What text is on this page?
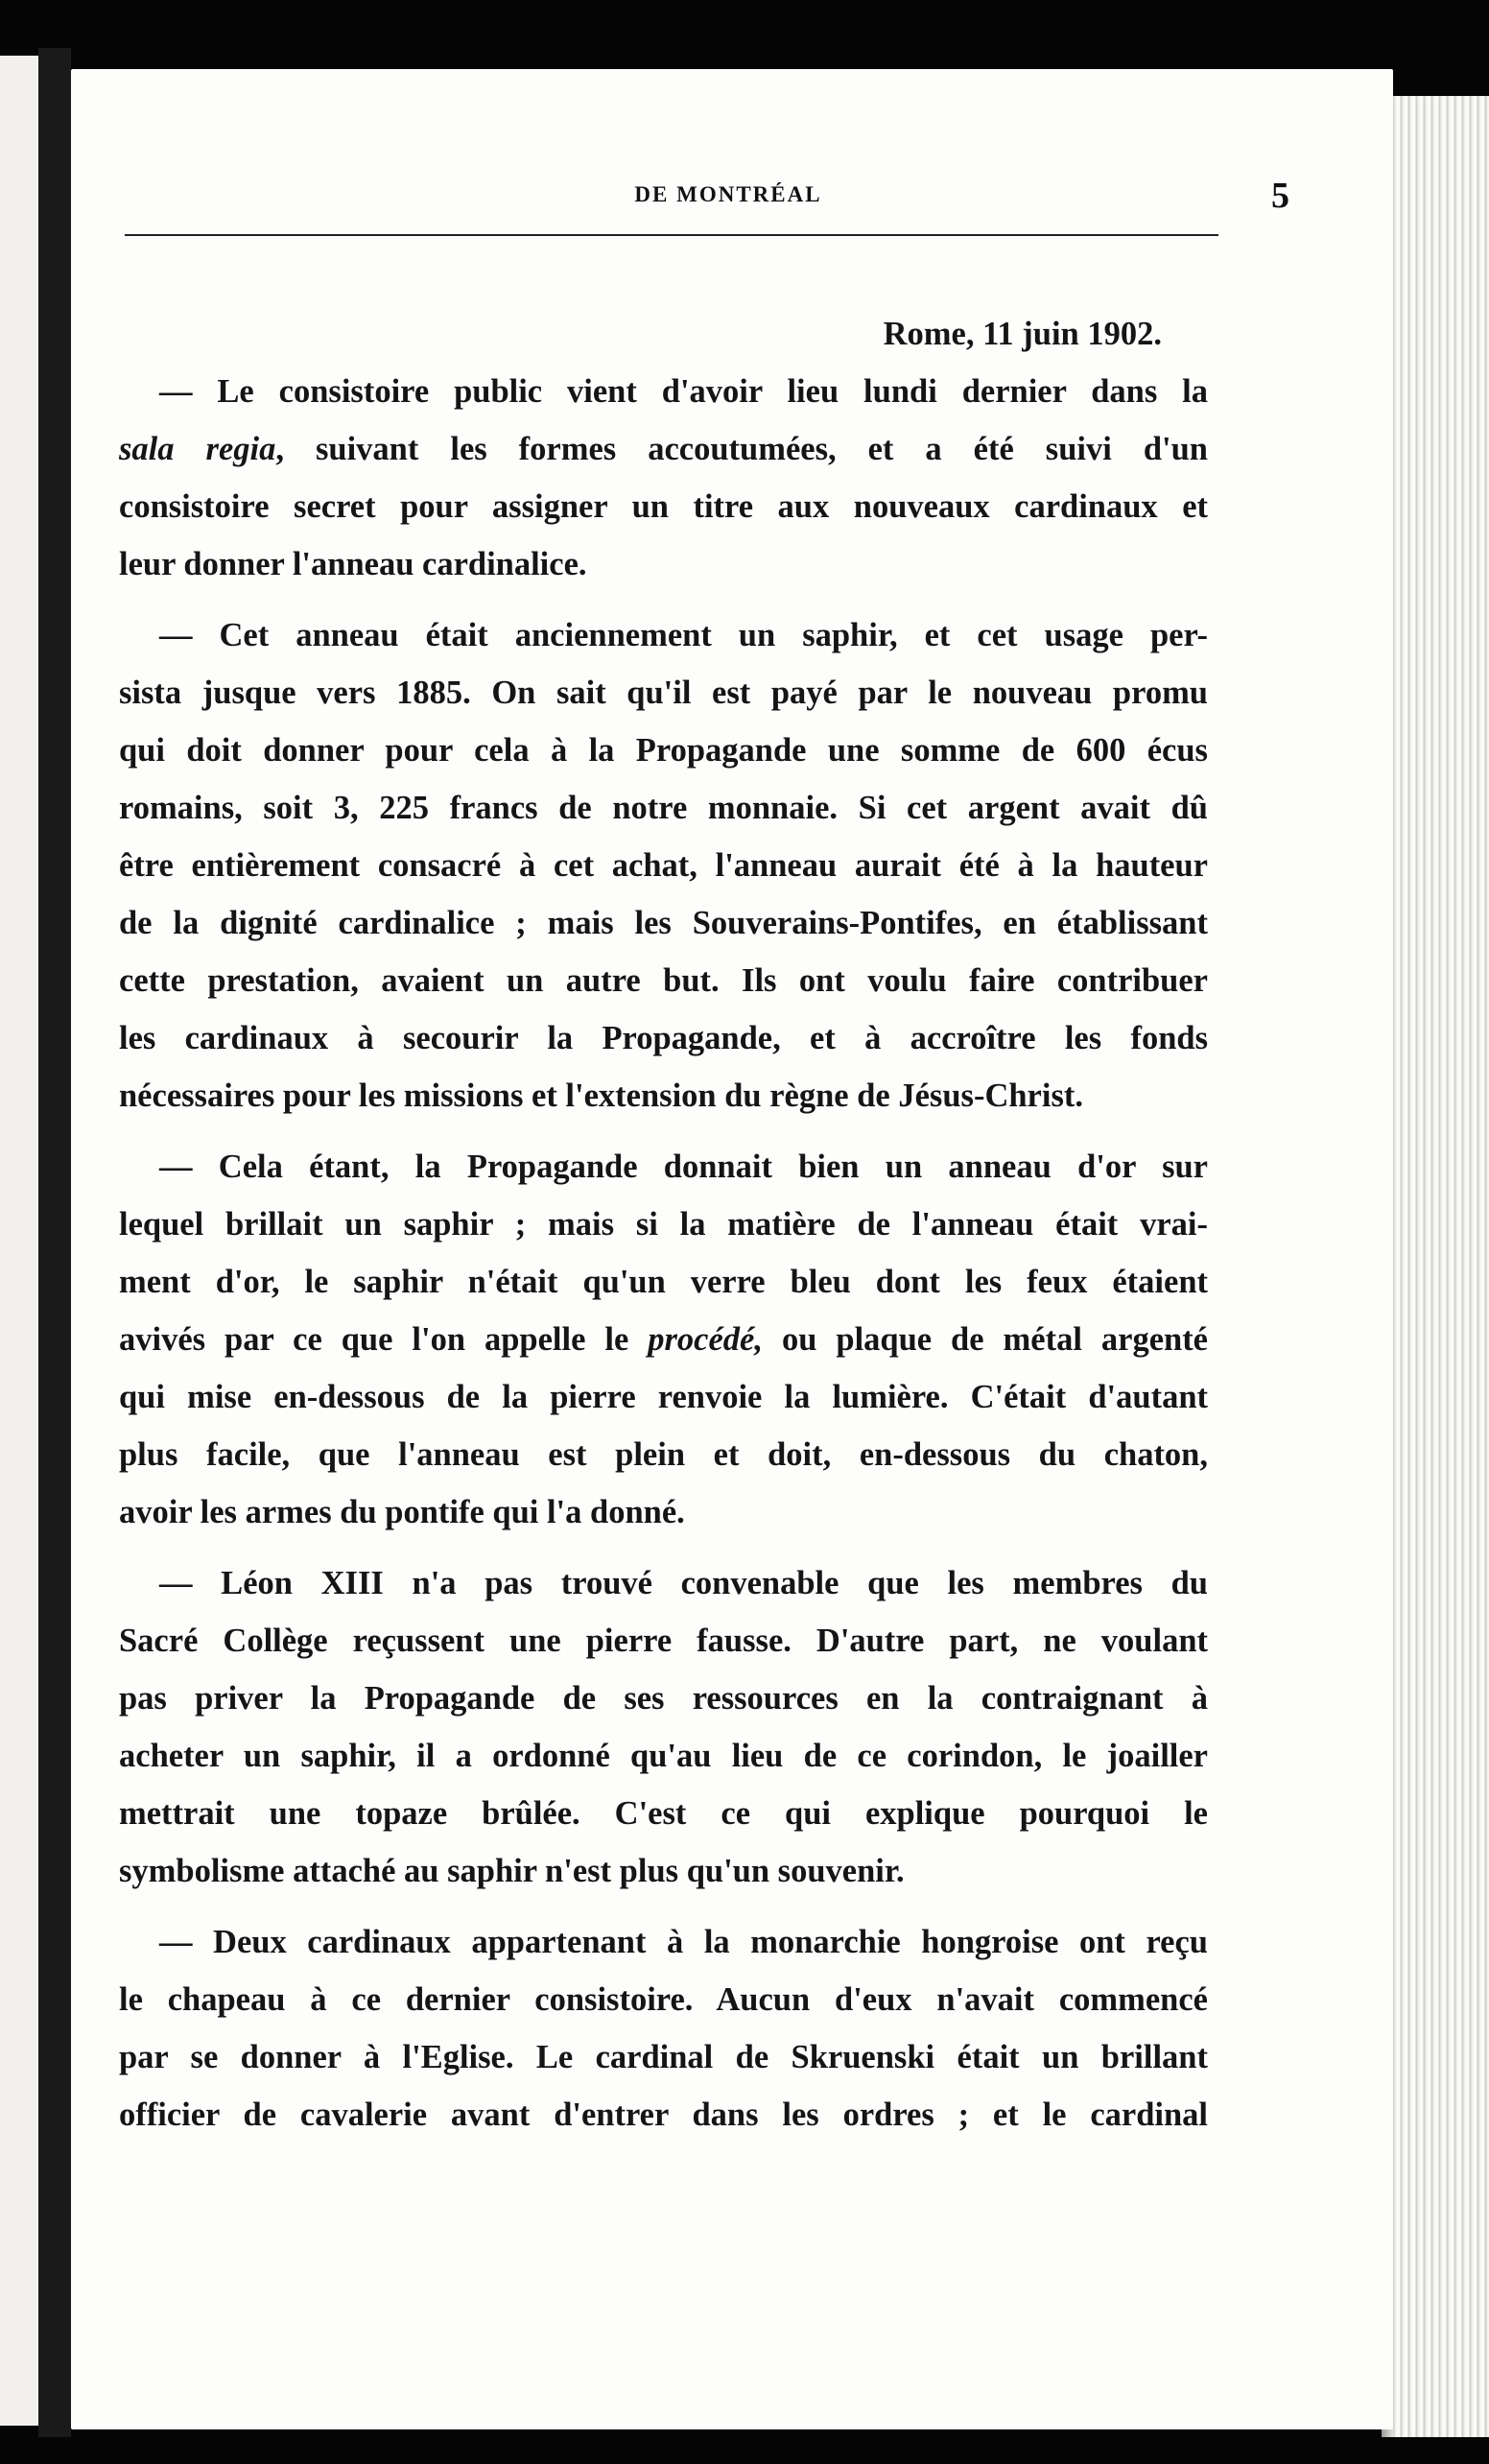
DE MONTRÉAL	5

Rome, 11 juin 1902.

— Le consistoire public vient d'avoir lieu lundi dernier dans la
sala regia, suivant les formes accoutumées, et a été suivi d'un
consistoire secret pour assigner un titre aux nouveaux cardinaux et
leur donner l'anneau cardinalice.
— Cet anneau était anciennement un saphir, et cet usage per-
sista jusque vers 1885. On sait qu'il est payé par le nouveau promu
qui doit donner pour cela à la Propagande une somme de 600 écus
romains, soit 3, 225 francs de notre monnaie. Si cet argent avait dû
être entièrement consacré à cet achat, l'anneau aurait été à la hauteur
de la dignité cardinalice ; mais les Souverains-Pontifes, en établissant
cette prestation, avaient un autre but. Ils ont voulu faire contribuer
les cardinaux à secourir la Propagande, et à accroître les fonds
nécessaires pour les missions et l'extension du règne de Jésus-Christ.
— Cela étant, la Propagande donnait bien un anneau d'or sur
lequel brillait un saphir ; mais si la matière de l'anneau était vrai-
ment d'or, le saphir n'était qu'un verre bleu dont les feux étaient
avivés par ce que l'on appelle le procédé, ou plaque de métal argenté
qui mise en-dessous de la pierre renvoie la lumière. C'était d'autant
plus facile, que l'anneau est plein et doit, en-dessous du chaton,
avoir les armes du pontife qui l'a donné.
— Léon XIII n'a pas trouvé convenable que les membres du
Sacré Collège reçussent une pierre fausse. D'autre part, ne voulant
pas priver la Propagande de ses ressources en la contraignant à
acheter un saphir, il a ordonné qu'au lieu de ce corindon, le joailler
mettrait une topaze brûlée. C'est ce qui explique pourquoi le
symbolisme attaché au saphir n'est plus qu'un souvenir.
— Deux cardinaux appartenant à la monarchie hongroise ont reçu
le chapeau à ce dernier consistoire. Aucun d'eux n'avait commencé
par se donner à l'Eglise. Le cardinal de Skruenski était un brillant
officier de cavalerie avant d'entrer dans les ordres ; et le cardinal
